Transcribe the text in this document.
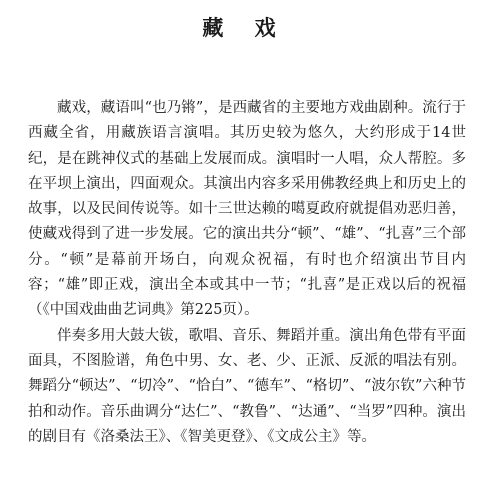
藏 戏

藏戏，藏语叫“也乃锵”，是西藏省的主要地方戏曲剧种。流行于西藏全省，用藏族语言演唱。其历史较为悠久，大约形成于14世纪，是在跳神仪式的基础上发展而成。演唱时一人唱，众人帮腔。多在平坝上演出，四面观众。其演出内容多采用佛教经典上和历史上的故事，以及民间传说等。如十三世达赖的噶夏政府就提倡劝恶归善，使藏戏得到了进一步发展。它的演出共分“顿”、“雄”、“扎喜”三个部分。“顿”是幕前开场白，向观众祝福，有时也介绍演出节目内容；“雄”即正戏，演出全本或其中一节；“扎喜”是正戏以后的祝福（《中国戏曲曲艺词典》第225页）。

伴奏多用大鼓大钹，歌唱、音乐、舞蹈并重。演出角色带有平面面具，不图脸谱，角色中男、女、老、少、正派、反派的唱法有别。舞蹈分“顿达”、“切冷”、“恰白”、“德车”、“格切”、“波尔钦”六种节拍和动作。音乐曲调分“达仁”、“教鲁”、“达通”、“当罗”四种。演出的剧目有《洛桑法王》、《智美更登》、《文成公主》等。
